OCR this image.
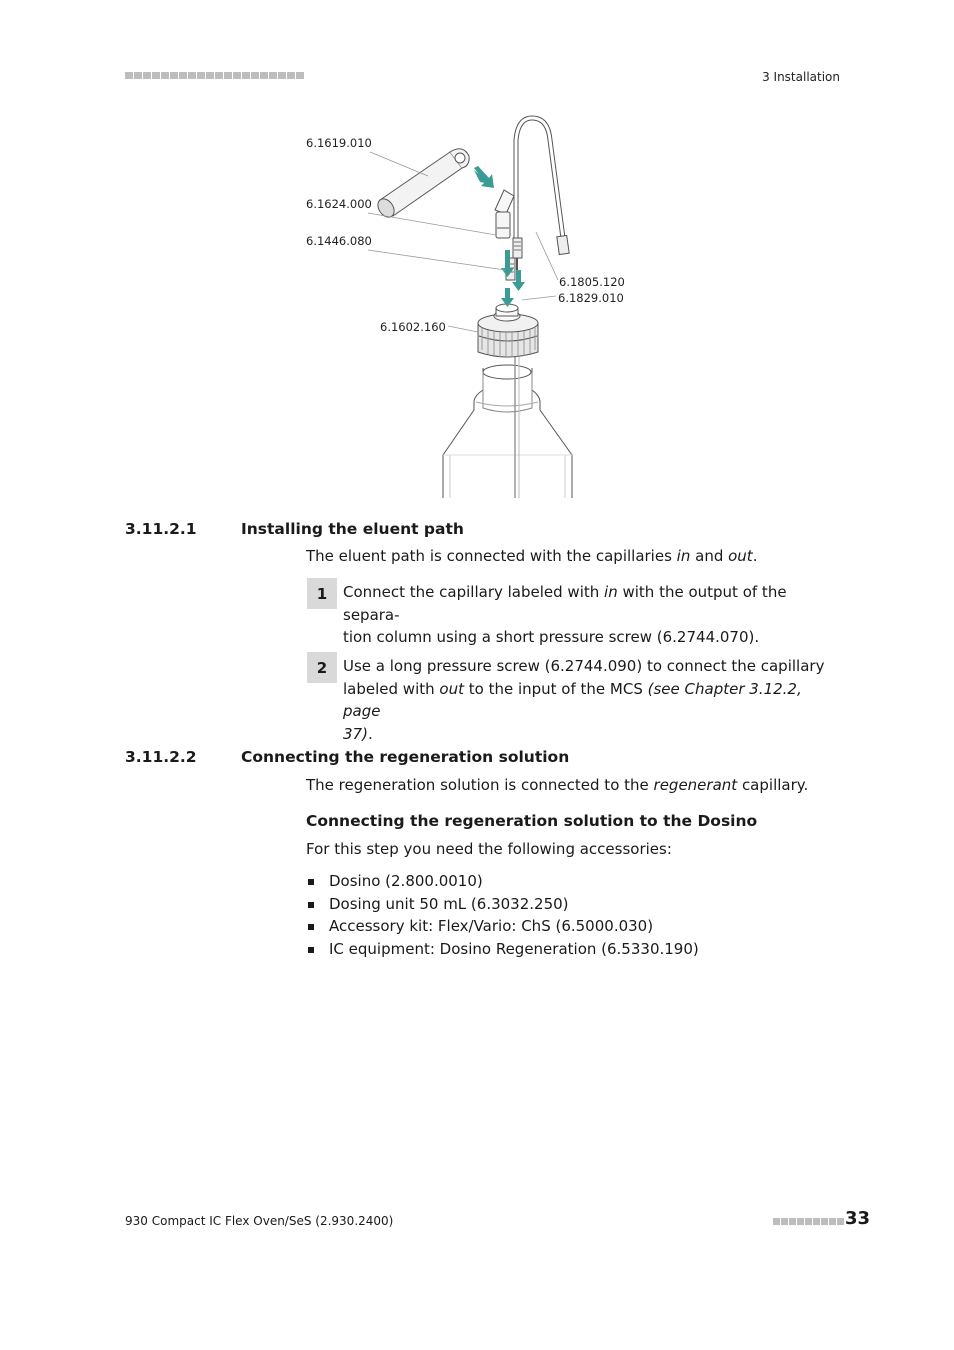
3 Installation
6.1619.010
6.1624.000
6.1446.080
6.1805.120
6.1829.010
6.1602.160
3.11.2.1	Installing the eluent path
The eluent path is connected with the capillaries in and out.
1	Connect the capillary labeled with in with the output of the separa-
tion column using a short pressure screw (6.2744.070).
2	Use a long pressure screw (6.2744.090) to connect the capillary
labeled with out to the input of the MCS (see Chapter 3.12.2, page
37).
3.11.2.2	Connecting the regeneration solution
The regeneration solution is connected to the regenerant capillary.
Connecting the regeneration solution to the Dosino
For this step you need the following accessories:
Dosino (2.800.0010)
Dosing unit 50 mL (6.3032.250)
Accessory kit: Flex/Vario: ChS (6.5000.030)
IC equipment: Dosino Regeneration (6.5330.190)
930 Compact IC Flex Oven/SeS (2.930.2400)	33
